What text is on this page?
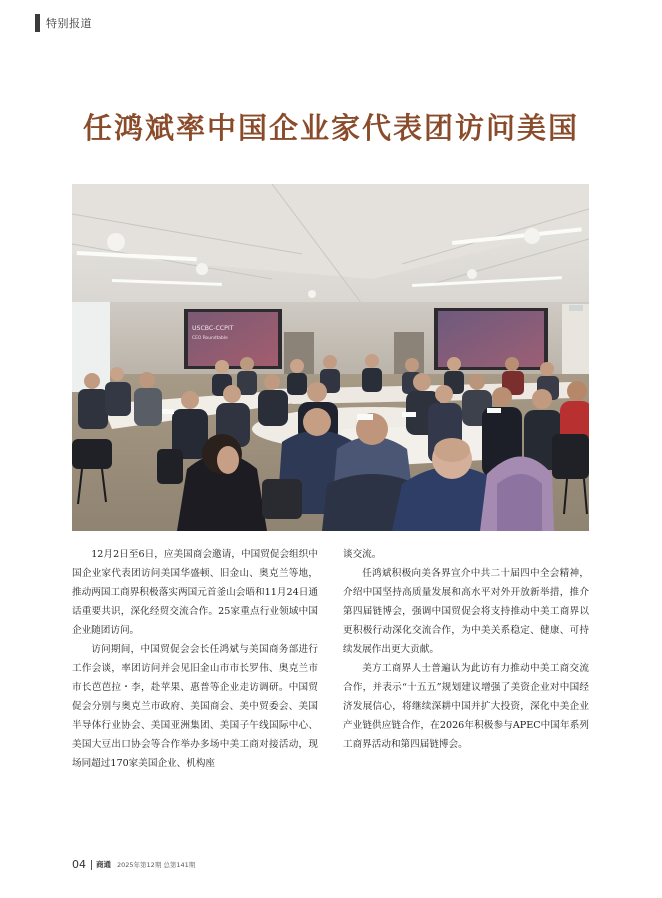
特别报道
任鸿斌率中国企业家代表团访问美国
USCBC-CCPIT
CEO Roundtable

12月2日至6日，应美国商会邀请，中国贸促会组织中国企业家代表团访问美国华盛顿、旧金山、奥克兰等地，推动两国工商界积极落实两国元首釜山会晤和11月24日通话重要共识，深化经贸交流合作。25家重点行业领域中国企业随团访问。

访问期间，中国贸促会会长任鸿斌与美国商务部进行工作会谈，率团访问并会见旧金山市市长罗伟、奥克兰市市长芭芭拉・李，赴苹果、惠普等企业走访调研。中国贸促会分别与奥克兰市政府、美国商会、美中贸委会、美国半导体行业协会、美国亚洲集团、美国子午线国际中心、美国大豆出口协会等合作举办多场中美工商对接活动，现场同超过170家美国企业、机构座

谈交流。

任鸿斌积极向美各界宣介中共二十届四中全会精神，介绍中国坚持高质量发展和高水平对外开放新举措，推介第四届链博会，强调中国贸促会将支持推动中美工商界以更积极行动深化交流合作，为中美关系稳定、健康、可持续发展作出更大贡献。

美方工商界人士普遍认为此访有力推动中美工商交流合作，并表示“十五五”规划建议增强了美资企业对中国经济发展信心，将继续深耕中国并扩大投资，深化中美企业产业链供应链合作，在2026年积极参与APEC中国年系列工商界活动和第四届链博会。

04 商通 2025年第12期 总第141期
